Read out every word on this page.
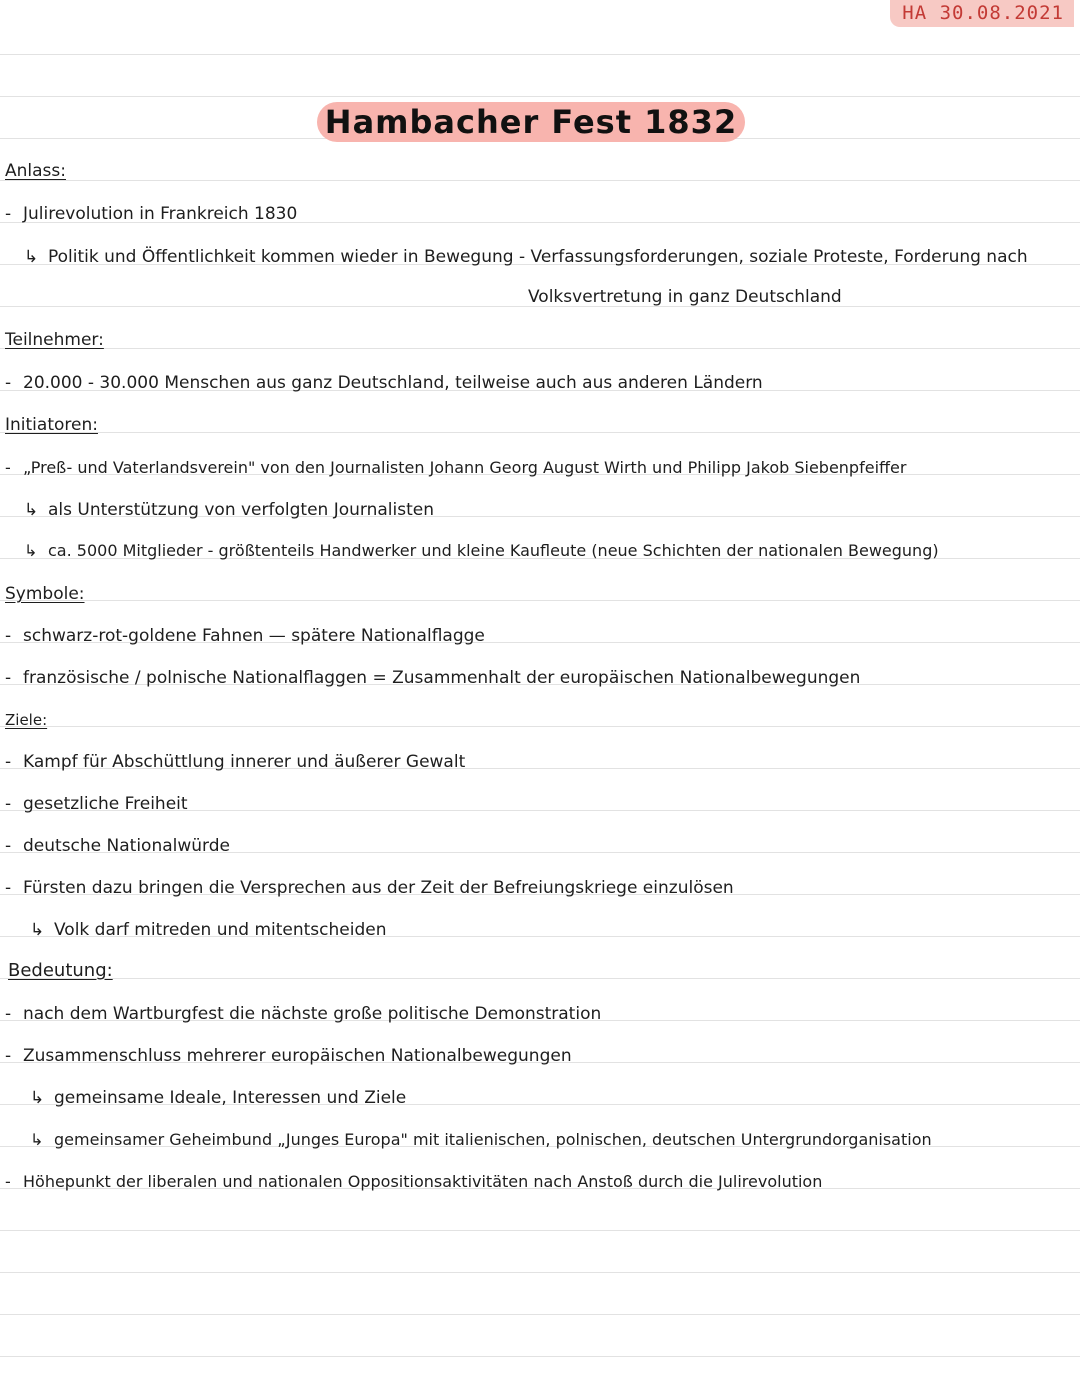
HA 30.08.2021
Hambacher Fest 1832
Anlass:
- Julirevolution in Frankreich 1830
↳ Politik und Öffentlichkeit kommen wieder in Bewegung - Verfassungsforderungen, soziale Proteste, Forderung nach
Volksvertretung in ganz Deutschland
Teilnehmer:
- 20.000 - 30.000 Menschen aus ganz Deutschland, teilweise auch aus anderen Ländern
Initiatoren:
- „Preß- und Vaterlandsverein" von den Journalisten Johann Georg August Wirth und Philipp Jakob Siebenpfeiffer
↳ als Unterstützung von verfolgten Journalisten
↳ ca. 5000 Mitglieder - größtenteils Handwerker und kleine Kaufleute (neue Schichten der nationalen Bewegung)
Symbole:
- schwarz-rot-goldene Fahnen — spätere Nationalflagge
- französische / polnische Nationalflaggen = Zusammenhalt der europäischen Nationalbewegungen
Ziele:
- Kampf für Abschüttlung innerer und äußerer Gewalt
- gesetzliche Freiheit
- deutsche Nationalwürde
- Fürsten dazu bringen die Versprechen aus der Zeit der Befreiungskriege einzulösen
↳ Volk darf mitreden und mitentscheiden
Bedeutung:
- nach dem Wartburgfest die nächste große politische Demonstration
- Zusammenschluss mehrerer europäischen Nationalbewegungen
↳ gemeinsame Ideale, Interessen und Ziele
↳ gemeinsamer Geheimbund „Junges Europa" mit italienischen, polnischen, deutschen Untergrundorganisation
- Höhepunkt der liberalen und nationalen Oppositionsaktivitäten nach Anstoß durch die Julirevolution
